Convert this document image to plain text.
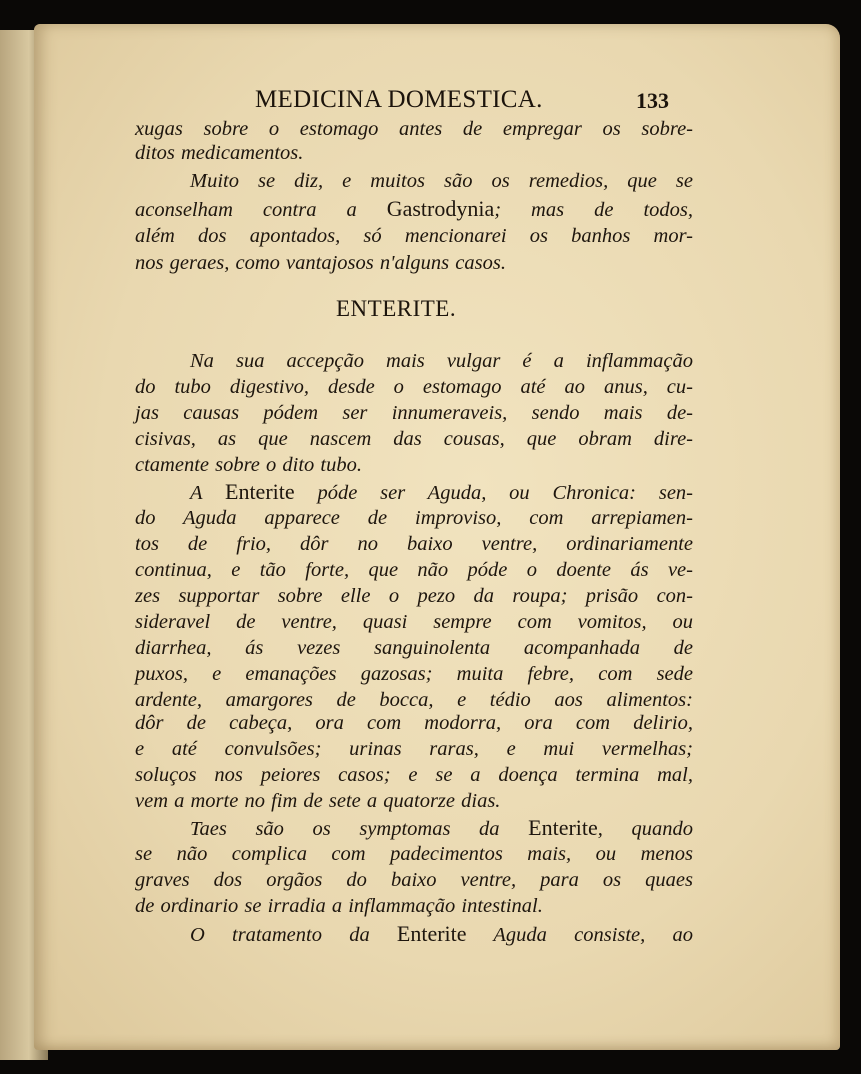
MEDICINA DOMESTICA.	133
ENTERITE.
xugas sobre o estomago antes de empregar os sobre-
ditos medicamentos.
Muito se diz, e muitos são os remedios, que se
aconselham contra a Gastrodynia; mas de todos,
além dos apontados, só mencionarei os banhos mor-
nos geraes, como vantajosos n'alguns casos.
Na sua accepção mais vulgar é a inflammação
do tubo digestivo, desde o estomago até ao anus, cu-
jas causas pódem ser innumeraveis, sendo mais de-
cisivas, as que nascem das cousas, que obram dire-
ctamente sobre o dito tubo.
A Enterite póde ser Aguda, ou Chronica: sen-
do Aguda apparece de improviso, com arrepiamen-
tos de frio, dôr no baixo ventre, ordinariamente
continua, e tão forte, que não póde o doente ás ve-
zes supportar sobre elle o pezo da roupa; prisão con-
sideravel de ventre, quasi sempre com vomitos, ou
diarrhea, ás vezes sanguinolenta acompanhada de
puxos, e emanações gazosas; muita febre, com sede
ardente, amargores de bocca, e tédio aos alimentos:
dôr de cabeça, ora com modorra, ora com delirio,
e até convulsões; urinas raras, e mui vermelhas;
soluços nos peiores casos; e se a doença termina mal,
vem a morte no fim de sete a quatorze dias.
Taes são os symptomas da Enterite, quando
se não complica com padecimentos mais, ou menos
graves dos orgãos do baixo ventre, para os quaes
de ordinario se irradia a inflammação intestinal.
O tratamento da Enterite Aguda consiste, ao
